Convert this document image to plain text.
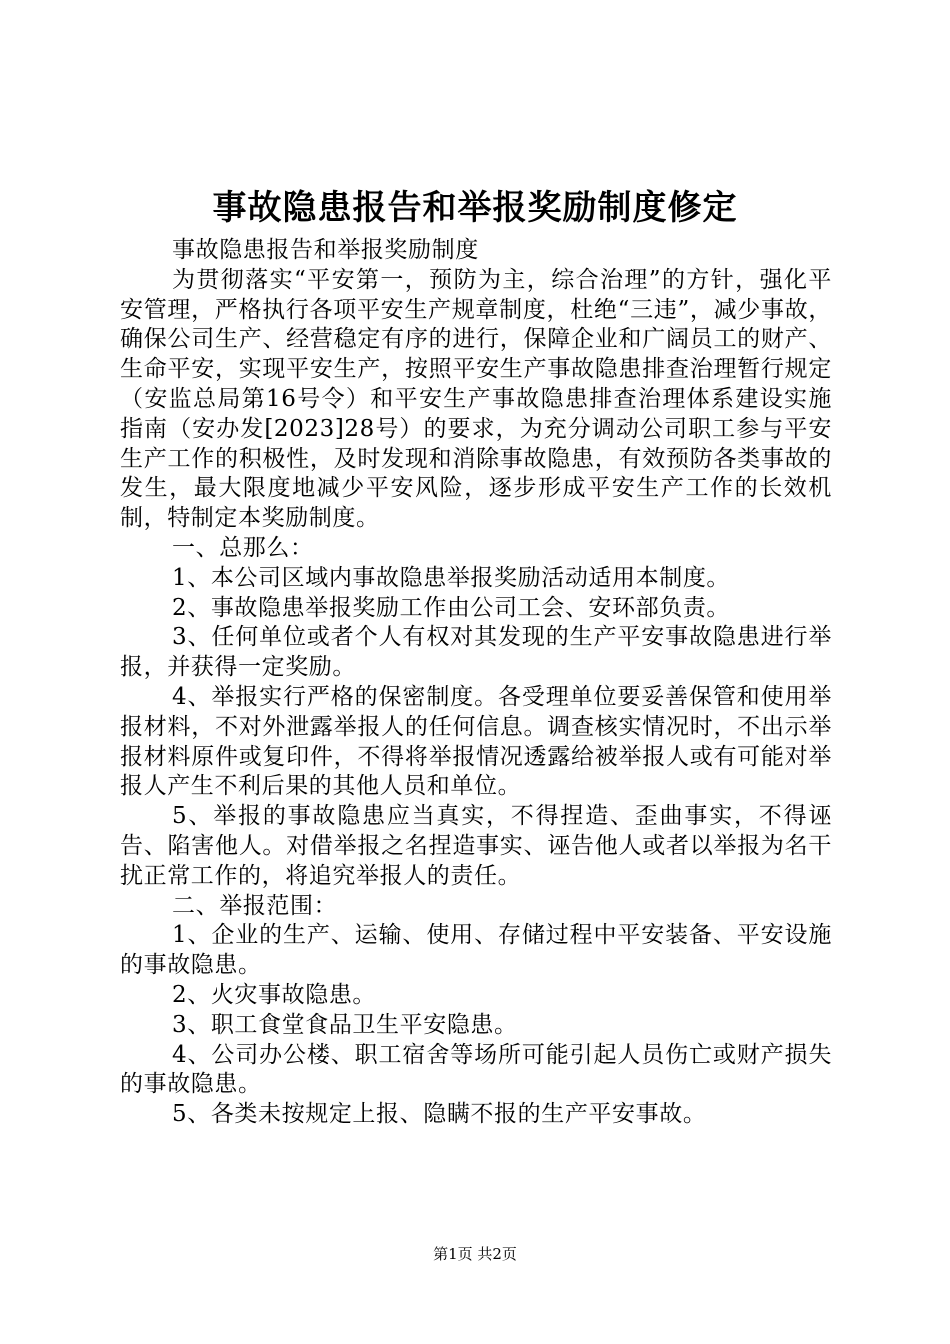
事故隐患报告和举报奖励制度修定

事故隐患报告和举报奖励制度

为贯彻落实“平安第一，预防为主，综合治理”的方针，强化平安管理，严格执行各项平安生产规章制度，杜绝“三违”，减少事故，确保公司生产、经营稳定有序的进行，保障企业和广阔员工的财产、生命平安，实现平安生产，按照平安生产事故隐患排查治理暂行规定（安监总局第16号令）和平安生产事故隐患排查治理体系建设实施指南（安办发[2023]28号）的要求，为充分调动公司职工参与平安生产工作的积极性，及时发现和消除事故隐患，有效预防各类事故的发生，最大限度地减少平安风险，逐步形成平安生产工作的长效机制，特制定本奖励制度。

一、总那么：

1、本公司区域内事故隐患举报奖励活动适用本制度。

2、事故隐患举报奖励工作由公司工会、安环部负责。

3、任何单位或者个人有权对其发现的生产平安事故隐患进行举报，并获得一定奖励。

4、举报实行严格的保密制度。各受理单位要妥善保管和使用举报材料，不对外泄露举报人的任何信息。调查核实情况时，不出示举报材料原件或复印件，不得将举报情况透露给被举报人或有可能对举报人产生不利后果的其他人员和单位。

5、举报的事故隐患应当真实，不得捏造、歪曲事实，不得诬告、陷害他人。对借举报之名捏造事实、诬告他人或者以举报为名干扰正常工作的，将追究举报人的责任。

二、举报范围：

1、企业的生产、运输、使用、存储过程中平安装备、平安设施的事故隐患。

2、火灾事故隐患。

3、职工食堂食品卫生平安隐患。

4、公司办公楼、职工宿舍等场所可能引起人员伤亡或财产损失的事故隐患。

5、各类未按规定上报、隐瞒不报的生产平安事故。

第1页 共2页
